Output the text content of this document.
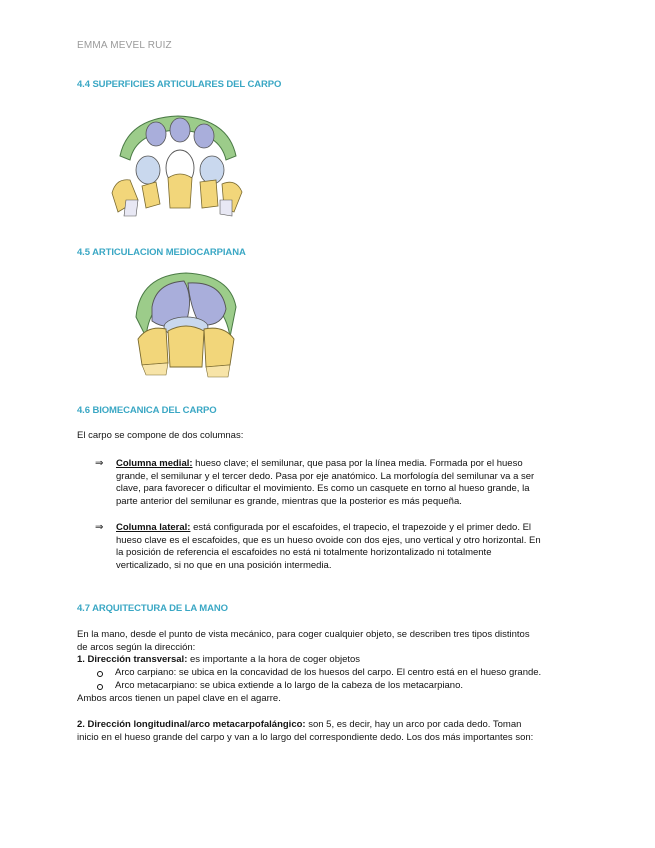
EMMA MEVEL RUIZ
4.4 SUPERFICIES ARTICULARES DEL CARPO
4.5 ARTICULACION MEDIOCARPIANA
4.6 BIOMECANICA DEL CARPO
El carpo se compone de dos columnas:
⇒ Columna medial: hueso clave; el semilunar, que pasa por la línea media. Formada por el hueso
grande, el semilunar y el tercer dedo. Pasa por eje anatómico. La morfología del semilunar va a ser
clave, para favorecer o dificultar el movimiento. Es como un casquete en torno al hueso grande, la
parte anterior del semilunar es grande, mientras que la posterior es más pequeña.
⇒ Columna lateral: está configurada por el escafoides, el trapecio, el trapezoide y el primer dedo. El
hueso clave es el escafoides, que es un hueso ovoide con dos ejes, uno vertical y otro horizontal. En
la posición de referencia el escafoides no está ni totalmente horizontalizado ni totalmente
verticalizado, si no que en una posición intermedia.
4.7 ARQUITECTURA DE LA MANO
En la mano, desde el punto de vista mecánico, para coger cualquier objeto, se describen tres tipos distintos
de arcos según la dirección:
1. Dirección transversal: es importante a la hora de coger objetos
Arco carpiano: se ubica en la concavidad de los huesos del carpo. El centro está en el hueso grande.
Arco metacarpiano: se ubica extiende a lo largo de la cabeza de los metacarpiano.
Ambos arcos tienen un papel clave en el agarre.
2. Dirección longitudinal/arco metacarpofalángico: son 5, es decir, hay un arco por cada dedo. Toman
inicio en el hueso grande del carpo y van a lo largo del correspondiente dedo. Los dos más importantes son:
